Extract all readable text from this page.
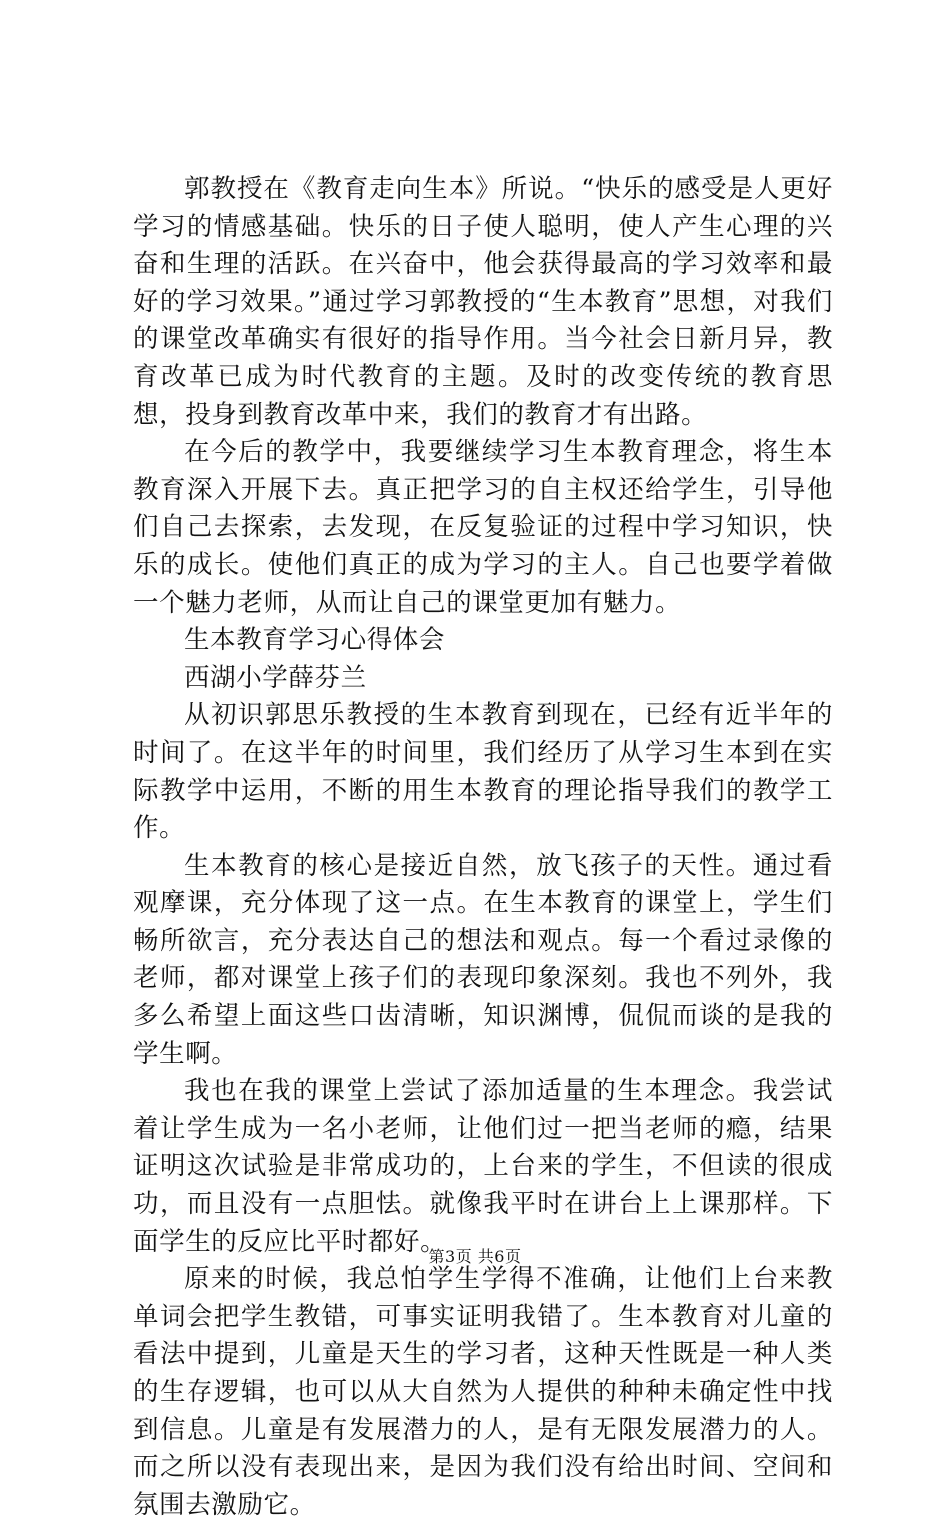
郭教授在《教育走向生本》所说。“快乐的感受是人更好学习的情感基础。快乐的日子使人聪明，使人产生心理的兴奋和生理的活跃。在兴奋中，他会获得最高的学习效率和最好的学习效果。”通过学习郭教授的“生本教育”思想，对我们的课堂改革确实有很好的指导作用。当今社会日新月异，教育改革已成为时代教育的主题。及时的改变传统的教育思想，投身到教育改革中来，我们的教育才有出路。

在今后的教学中，我要继续学习生本教育理念，将生本教育深入开展下去。真正把学习的自主权还给学生，引导他们自己去探索，去发现，在反复验证的过程中学习知识，快乐的成长。使他们真正的成为学习的主人。自己也要学着做一个魅力老师，从而让自己的课堂更加有魅力。

生本教育学习心得体会

西湖小学薛芬兰

从初识郭思乐教授的生本教育到现在，已经有近半年的时间了。在这半年的时间里，我们经历了从学习生本到在实际教学中运用，不断的用生本教育的理论指导我们的教学工作。

生本教育的核心是接近自然，放飞孩子的天性。通过看观摩课，充分体现了这一点。在生本教育的课堂上，学生们畅所欲言，充分表达自己的想法和观点。每一个看过录像的老师，都对课堂上孩子们的表现印象深刻。我也不列外，我多么希望上面这些口齿清晰，知识渊博，侃侃而谈的是我的学生啊。

我也在我的课堂上尝试了添加适量的生本理念。我尝试着让学生成为一名小老师，让他们过一把当老师的瘾，结果证明这次试验是非常成功的，上台来的学生，不但读的很成功，而且没有一点胆怯。就像我平时在讲台上上课那样。下面学生的反应比平时都好。

原来的时候，我总怕学生学得不准确，让他们上台来教单词会把学生教错，可事实证明我错了。生本教育对儿童的看法中提到，儿童是天生的学习者，这种天性既是一种人类的生存逻辑，也可以从大自然为人提供的种种未确定性中找到信息。儿童是有发展潜力的人，是有无限发展潜力的人。而之所以没有表现出来，是因为我们没有给出时间、空间和氛围去激励它。

第3页 共6页
